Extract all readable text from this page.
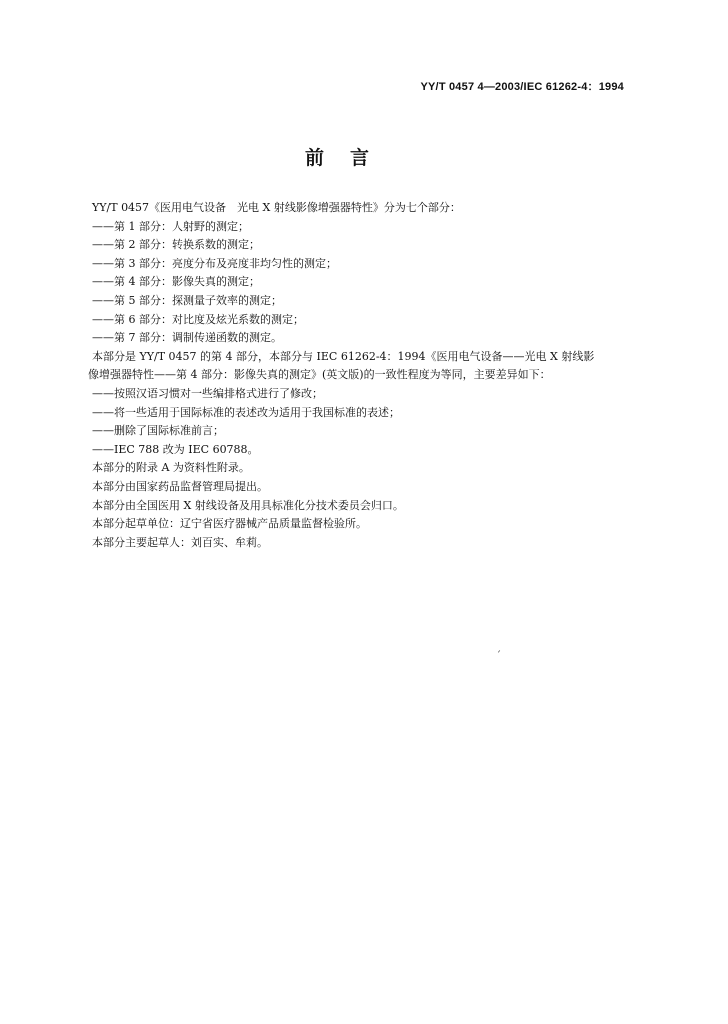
YY/T 0457 4—2003/IEC 61262-4：1994
前言

YY/T 0457《医用电气设备　光电 X 射线影像增强器特性》分为七个部分：

——第 1 部分：人射野的测定；

——第 2 部分：转换系数的测定；

——第 3 部分：亮度分布及亮度非均匀性的测定；

——第 4 部分：影像失真的测定；

——第 5 部分：探测量子效率的测定；

——第 6 部分：对比度及炫光系数的测定；

——第 7 部分：调制传递函数的测定。

本部分是 YY/T 0457 的第 4 部分，本部分与 IEC 61262-4：1994《医用电气设备——光电 X 射线影

像增强器特性——第 4 部分：影像失真的测定》(英文版)的一致性程度为等同，主要差异如下：

——按照汉语习惯对一些编排格式进行了修改；

——将一些适用于国际标准的表述改为适用于我国标准的表述；

——删除了国际标准前言；

——IEC 788 改为 IEC 60788。

本部分的附录 A 为资料性附录。

本部分由国家药品监督管理局提出。

本部分由全国医用 X 射线设备及用具标准化分技术委员会归口。

本部分起草单位：辽宁省医疗器械产品质量监督检验所。

本部分主要起草人：刘百实、牟莉。

ˊ
